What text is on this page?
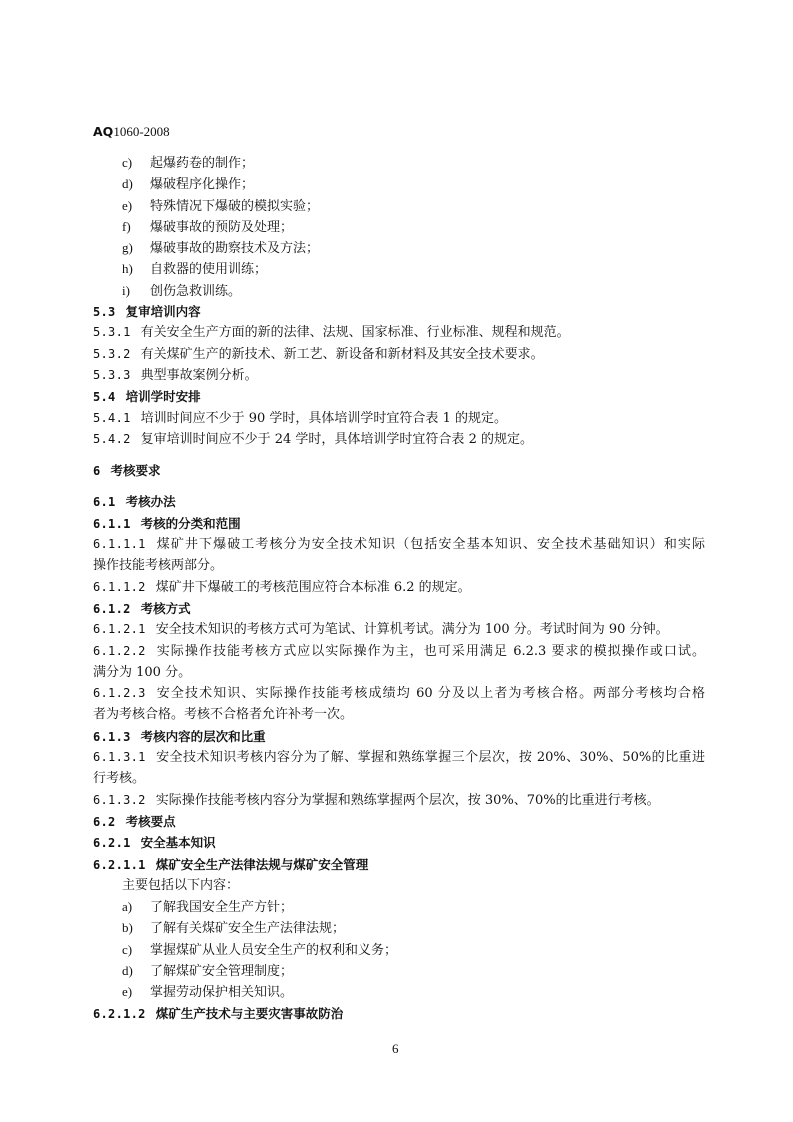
AQ1060-2008
c) 起爆药卷的制作；
d) 爆破程序化操作；
e) 特殊情况下爆破的模拟实验；
f) 爆破事故的预防及处理；
g) 爆破事故的勘察技术及方法；
h) 自救器的使用训练；
i) 创伤急救训练。
5.3 复审培训内容
5.3.1 有关安全生产方面的新的法律、法规、国家标准、行业标准、规程和规范。
5.3.2 有关煤矿生产的新技术、新工艺、新设备和新材料及其安全技术要求。
5.3.3 典型事故案例分析。
5.4 培训学时安排
5.4.1 培训时间应不少于 90 学时，具体培训学时宜符合表 1 的规定。
5.4.2 复审培训时间应不少于 24 学时，具体培训学时宜符合表 2 的规定。
6 考核要求
6.1 考核办法
6.1.1 考核的分类和范围
6.1.1.1 煤矿井下爆破工考核分为安全技术知识（包括安全基本知识、安全技术基础知识）和实际
操作技能考核两部分。
6.1.1.2 煤矿井下爆破工的考核范围应符合本标准 6.2 的规定。
6.1.2 考核方式
6.1.2.1 安全技术知识的考核方式可为笔试、计算机考试。满分为 100 分。考试时间为 90 分钟。
6.1.2.2 实际操作技能考核方式应以实际操作为主，也可采用满足 6.2.3 要求的模拟操作或口试。
满分为 100 分。
6.1.2.3 安全技术知识、实际操作技能考核成绩均 60 分及以上者为考核合格。两部分考核均合格
者为考核合格。考核不合格者允许补考一次。
6.1.3 考核内容的层次和比重
6.1.3.1 安全技术知识考核内容分为了解、掌握和熟练掌握三个层次，按 20%、30%、50%的比重进
行考核。
6.1.3.2 实际操作技能考核内容分为掌握和熟练掌握两个层次，按 30%、70%的比重进行考核。
6.2 考核要点
6.2.1 安全基本知识
6.2.1.1 煤矿安全生产法律法规与煤矿安全管理
主要包括以下内容：
a) 了解我国安全生产方针；
b) 了解有关煤矿安全生产法律法规；
c) 掌握煤矿从业人员安全生产的权利和义务；
d) 了解煤矿安全管理制度；
e) 掌握劳动保护相关知识。
6.2.1.2 煤矿生产技术与主要灾害事故防治
6
